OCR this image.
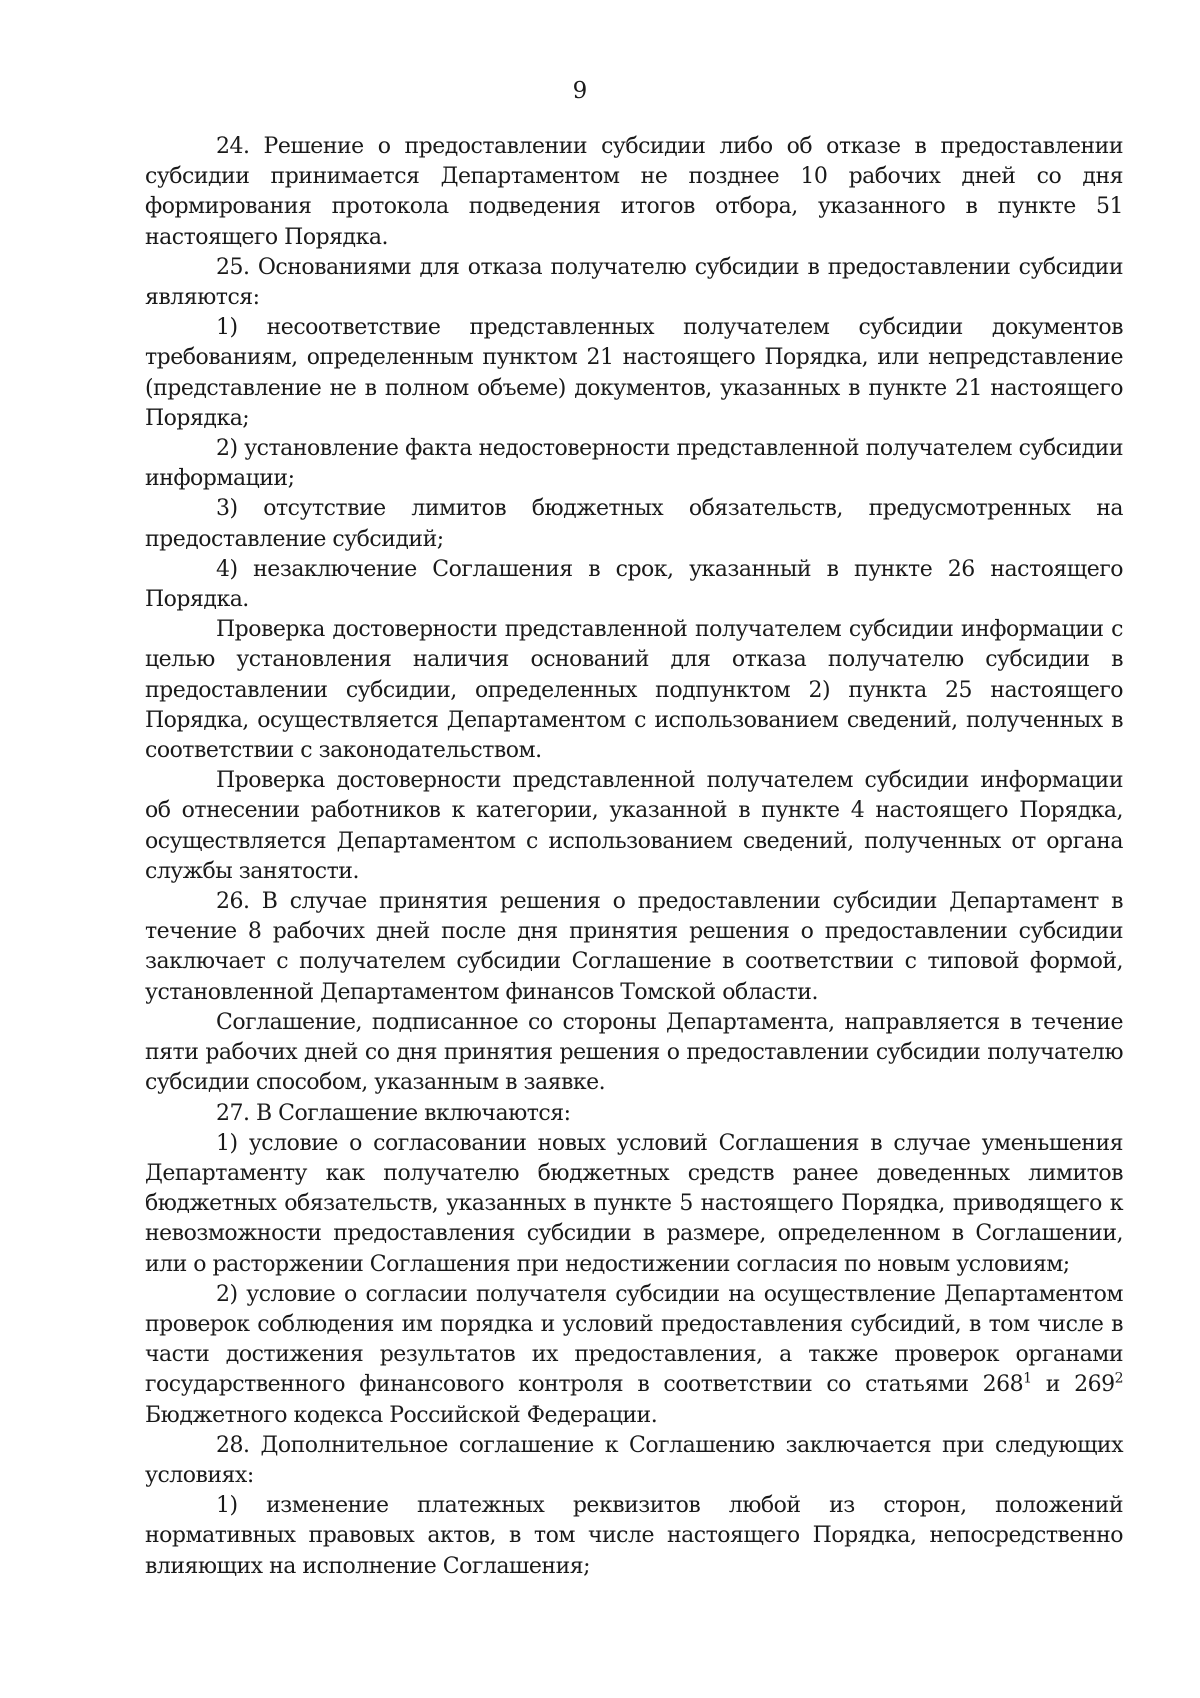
9

24. Решение о предоставлении субсидии либо об отказе в предоставлении субсидии принимается Департаментом не позднее 10 рабочих дней со дня формирования протокола подведения итогов отбора, указанного в пункте 51 настоящего Порядка.

25. Основаниями для отказа получателю субсидии в предоставлении субсидии являются:

1) несоответствие представленных получателем субсидии документов требованиям, определенным пунктом 21 настоящего Порядка, или непредставление (представление не в полном объеме) документов, указанных в пункте 21 настоящего Порядка;

2) установление факта недостоверности представленной получателем субсидии информации;

3) отсутствие лимитов бюджетных обязательств, предусмотренных на предоставление субсидий;

4) незаключение Соглашения в срок, указанный в пункте 26 настоящего Порядка.

Проверка достоверности представленной получателем субсидии информации с целью установления наличия оснований для отказа получателю субсидии в предоставлении субсидии, определенных подпунктом 2) пункта 25 настоящего Порядка, осуществляется Департаментом с использованием сведений, полученных в соответствии с законодательством.

Проверка достоверности представленной получателем субсидии информации об отнесении работников к категории, указанной в пункте 4 настоящего Порядка, осуществляется Департаментом с использованием сведений, полученных от органа службы занятости.

26. В случае принятия решения о предоставлении субсидии Департамент в течение 8 рабочих дней после дня принятия решения о предоставлении субсидии заключает с получателем субсидии Соглашение в соответствии с типовой формой, установленной Департаментом финансов Томской области.

Соглашение, подписанное со стороны Департамента, направляется в течение пяти рабочих дней со дня принятия решения о предоставлении субсидии получателю субсидии способом, указанным в заявке.

27. В Соглашение включаются:

1) условие о согласовании новых условий Соглашения в случае уменьшения Департаменту как получателю бюджетных средств ранее доведенных лимитов бюджетных обязательств, указанных в пункте 5 настоящего Порядка, приводящего к невозможности предоставления субсидии в размере, определенном в Соглашении, или о расторжении Соглашения при недостижении согласия по новым условиям;

2) условие о согласии получателя субсидии на осуществление Департаментом проверок соблюдения им порядка и условий предоставления субсидий, в том числе в части достижения результатов их предоставления, а также проверок органами государственного финансового контроля в соответствии со статьями $268^1$ и $269^2$ Бюджетного кодекса Российской Федерации.

28. Дополнительное соглашение к Соглашению заключается при следующих условиях:

1) изменение платежных реквизитов любой из сторон, положений нормативных правовых актов, в том числе настоящего Порядка, непосредственно влияющих на исполнение Соглашения;
